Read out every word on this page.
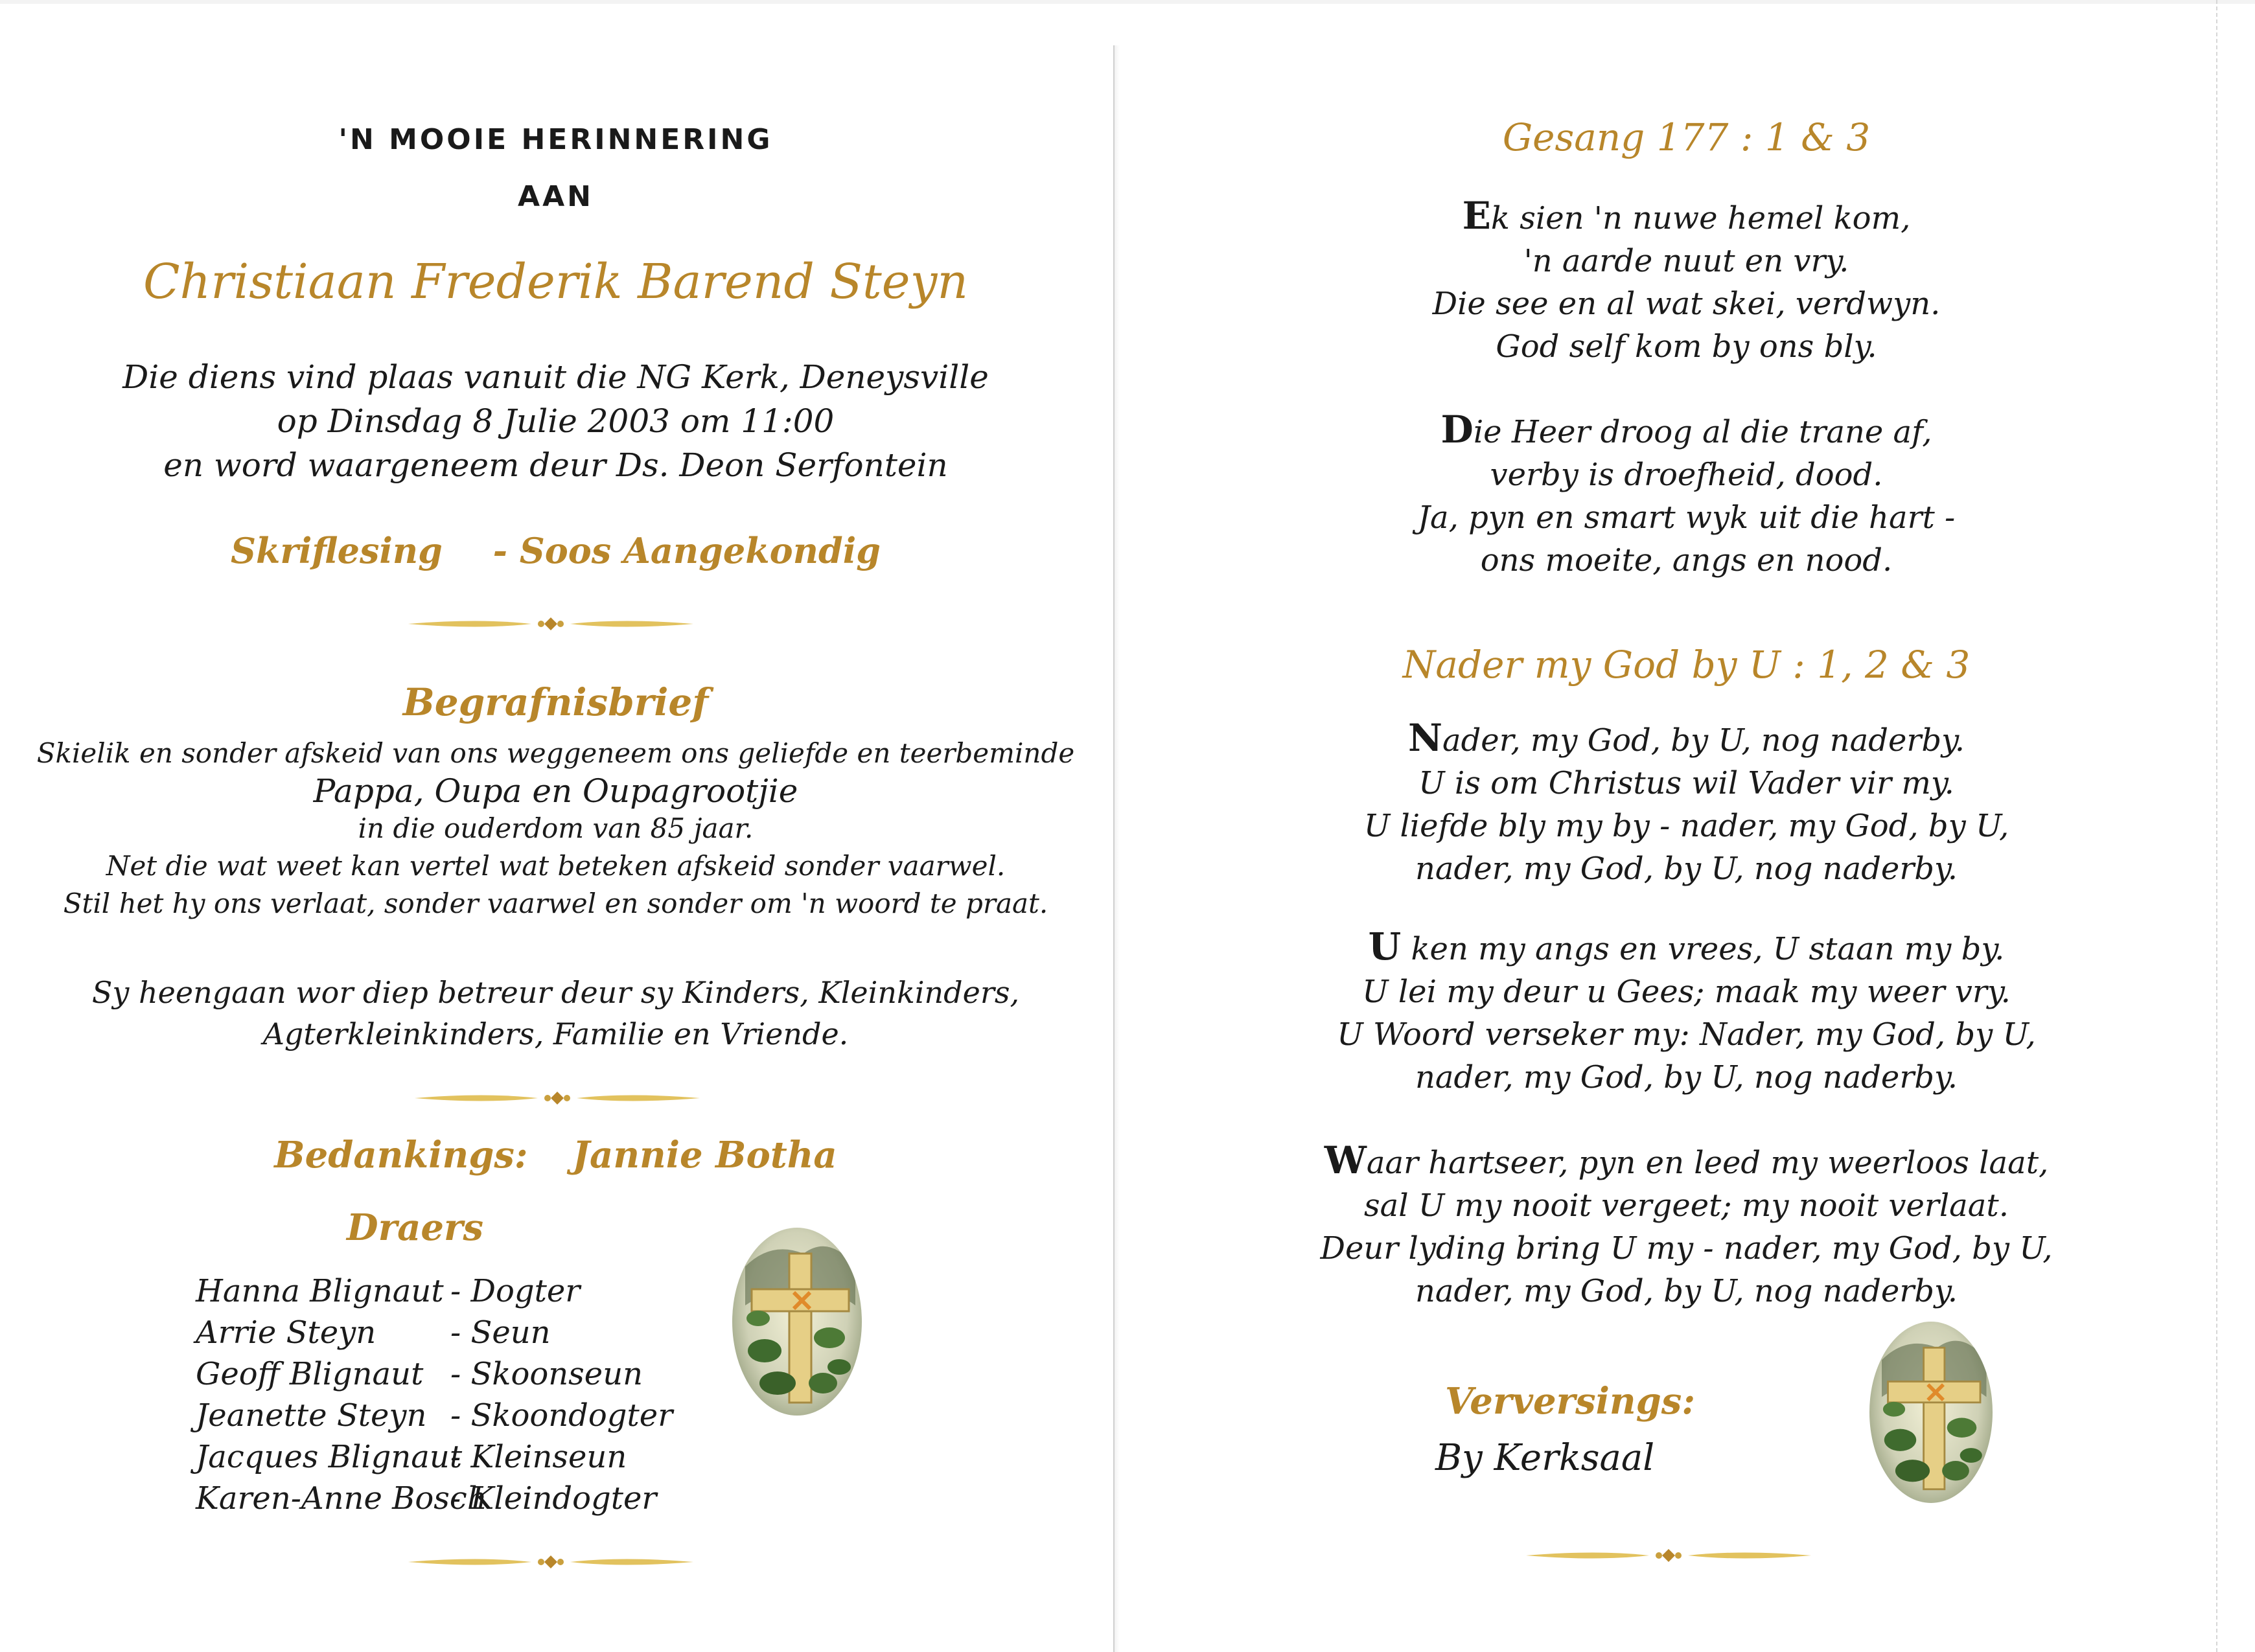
'N MOOIE HERINNERING
AAN
Christiaan Frederik Barend Steyn
Die diens vind plaas vanuit die NG Kerk, Deneysville
op Dinsdag 8 Julie 2003 om 11:00
en word waargeneem deur Ds. Deon Serfontein
Skriflesing - Soos Aangekondig
Begrafnisbrief
Skielik en sonder afskeid van ons weggeneem ons geliefde en teerbeminde
Pappa, Oupa en Oupagrootjie
in die ouderdom van 85 jaar.
Net die wat weet kan vertel wat beteken afskeid sonder vaarwel.
Stil het hy ons verlaat, sonder vaarwel en sonder om 'n woord te praat.
Sy heengaan wor diep betreur deur sy Kinders, Kleinkinders,
Agterkleinkinders, Familie en Vriende.
Bedankings: Jannie Botha
Draers
Hanna Blignaut - Dogter
Arrie Steyn - Seun
Geoff Blignaut - Skoonseun
Jeanette Steyn - Skoondogter
Jacques Blignaut
- Kleinseun
Karen-Anne Bosch
- Kleindogter
Gesang 177 : 1 & 3
Ek sien 'n nuwe hemel kom,
'n aarde nuut en vry.
Die see en al wat skei, verdwyn.
God self kom by ons bly.
Die Heer droog al die trane af,
verby is droefheid, dood.
Ja, pyn en smart wyk uit die hart -
ons moeite, angs en nood.
Nader my God by U : 1, 2 & 3
Nader, my God, by U, nog naderby.
U is om Christus wil Vader vir my.
U liefde bly my by - nader, my God, by U,
nader, my God, by U, nog naderby.
U ken my angs en vrees, U staan my by.
U lei my deur u Gees; maak my weer vry.
U Woord verseker my: Nader, my God, by U,
nader, my God, by U, nog naderby.
Waar hartseer, pyn en leed my weerloos laat,
sal U my nooit vergeet; my nooit verlaat.
Deur lyding bring U my - nader, my God, by U,
nader, my God, by U, nog naderby.
Verversings:
By Kerksaal
